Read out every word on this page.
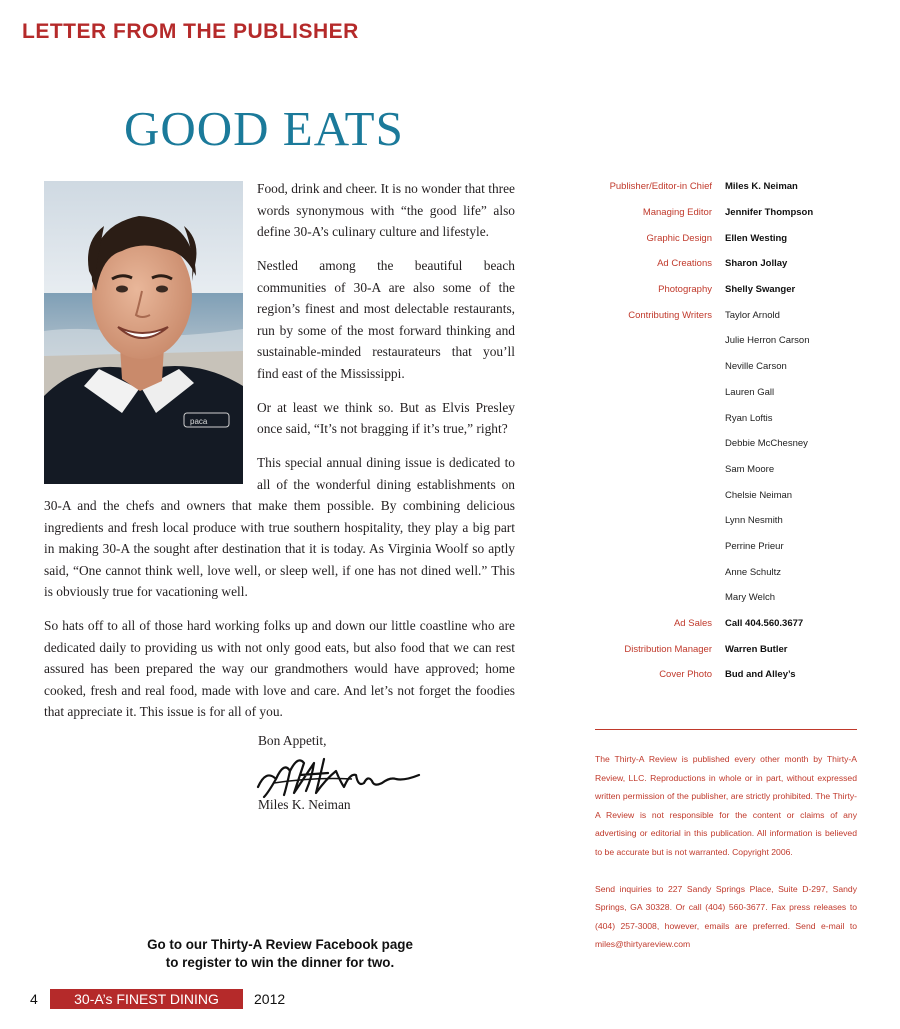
LETTER FROM THE PUBLISHER
GOOD EATS
paca

Food, drink and cheer. It is no wonder that three words synonymous with “the good life” also define 30-A’s culinary culture and lifestyle.

Nestled among the beautiful beach communities of 30-A are also some of the region’s finest and most delectable restaurants, run by some of the most forward thinking and sustainable-minded restaurateurs that you’ll find east of the Mississippi.

Or at least we think so. But as Elvis Presley once said, “It’s not bragging if it’s true,” right?

This special annual dining issue is dedicated to all of the wonderful dining establishments on 30-A and the chefs and owners that make them possible. By combining delicious ingredients and fresh local produce with true southern hospitality, they play a big part in making 30-A the sought after destination that it is today. As Virginia Woolf so aptly said, “One cannot think well, love well, or sleep well, if one has not dined well.” This is obviously true for vacationing well.

So hats off to all of those hard working folks up and down our little coastline who are dedicated daily to providing us with not only good eats, but also food that we can rest assured has been prepared the way our grandmothers would have approved; home cooked, fresh and real food, made with love and care. And let’s not forget the foodies that appreciate it. This issue is for all of you.

Bon Appetit,

Miles K. Neiman

Go to our Thirty-A Review Facebook page
to register to win the dinner for two.

4	30-A’s FINEST DINING	2012
Publisher/Editor-in Chief	Miles K. Neiman
Managing Editor	Jennifer Thompson
Graphic Design	Ellen Westing
Ad Creations	Sharon Jollay
Photography	Shelly Swanger
Contributing Writers	Taylor Arnold
Julie Herron Carson
Neville Carson
Lauren Gall
Ryan Loftis
Debbie McChesney
Sam Moore
Chelsie Neiman
Lynn Nesmith
Perrine Prieur
Anne Schultz
Mary Welch
Ad Sales	Call 404.560.3677
Distribution Manager	Warren Butler
Cover Photo	Bud and Alley’s

The Thirty-A Review is published every other month by Thirty-A Review, LLC. Reproductions in whole or in part, without expressed written permission of the publisher, are strictly prohibited. The Thirty-A Review is not responsible for the content or claims of any advertising or editorial in this publication. All information is believed to be accurate but is not warranted. Copyright 2006.

Send inquiries to 227 Sandy Springs Place, Suite D-297, Sandy Springs, GA 30328. Or call (404) 560-3677. Fax press releases to (404) 257-3008, however, emails are preferred. Send e-mail to miles@thirtyareview.com
